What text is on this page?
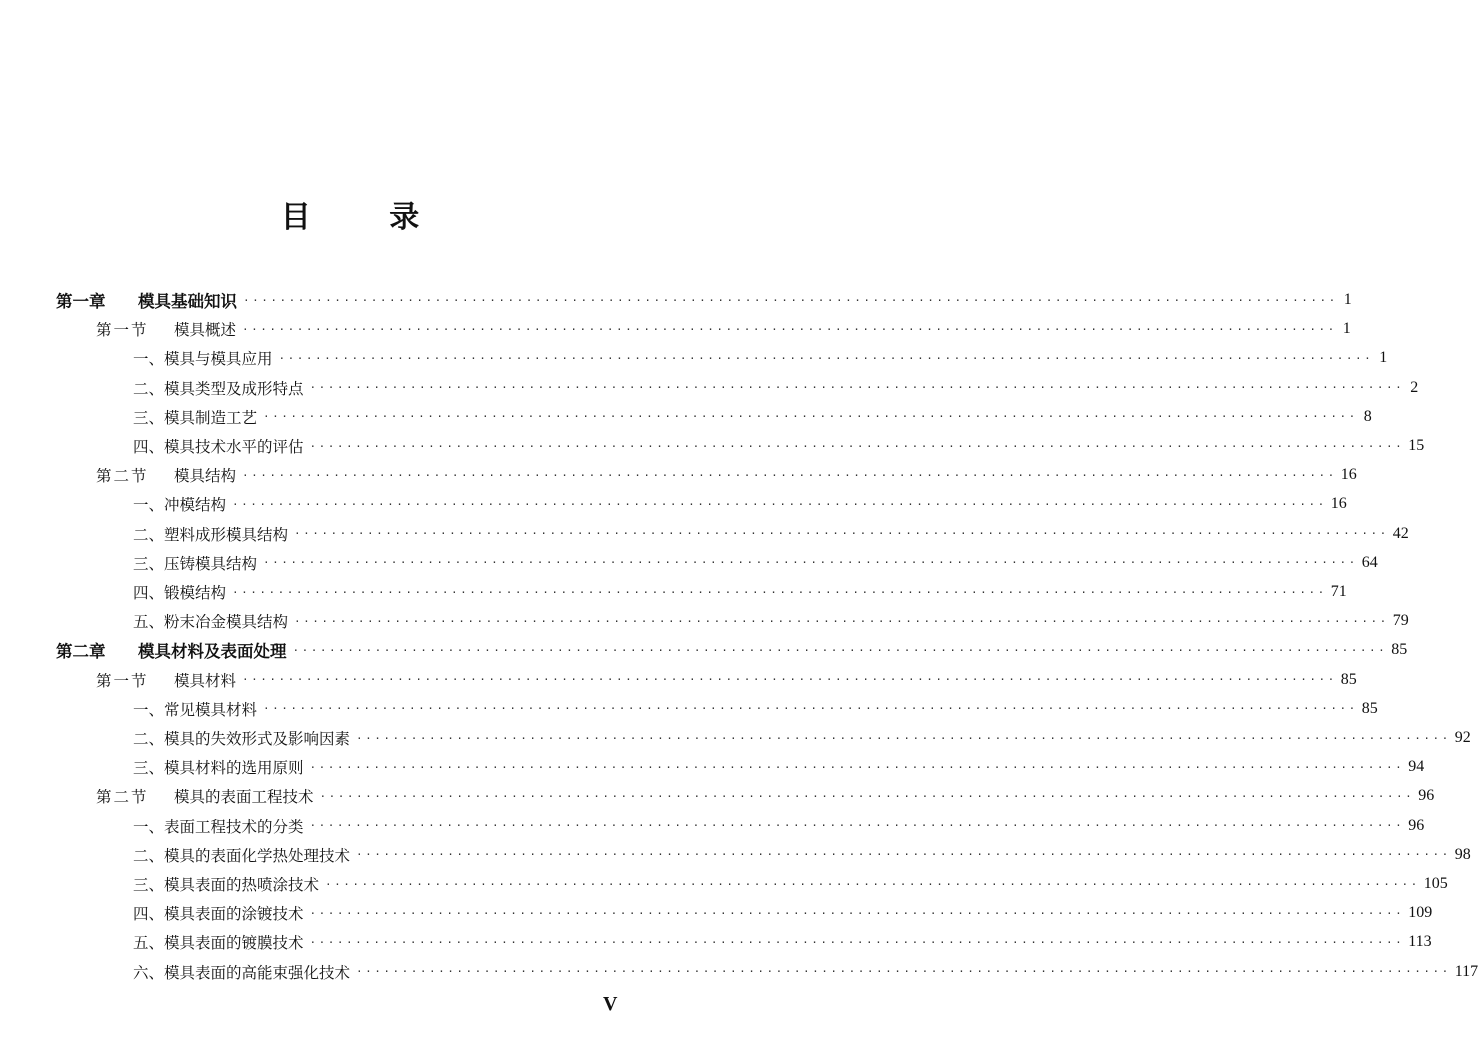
目 录
第一章 模具基础知识 ························································································································ 1
第一节 模具概述 ························································································································ 1
一、模具与模具应用 ························································································································ 1
二、模具类型及成形特点 ························································································································ 2
三、模具制造工艺 ························································································································ 8
四、模具技术水平的评估 ························································································································ 15
第二节 模具结构 ························································································································ 16
一、冲模结构 ························································································································ 16
二、塑料成形模具结构 ························································································································ 42
三、压铸模具结构 ························································································································ 64
四、锻模结构 ························································································································ 71
五、粉末冶金模具结构 ························································································································ 79
第二章 模具材料及表面处理 ························································································································ 85
第一节 模具材料 ························································································································ 85
一、常见模具材料 ························································································································ 85
二、模具的失效形式及影响因素 ························································································································ 92
三、模具材料的选用原则 ························································································································ 94
第二节 模具的表面工程技术 ························································································································ 96
一、表面工程技术的分类 ························································································································ 96
二、模具的表面化学热处理技术 ························································································································ 98
三、模具表面的热喷涂技术 ························································································································ 105
四、模具表面的涂镀技术 ························································································································ 109
五、模具表面的镀膜技术 ························································································································ 113
六、模具表面的高能束强化技术 ························································································································ 117
V
